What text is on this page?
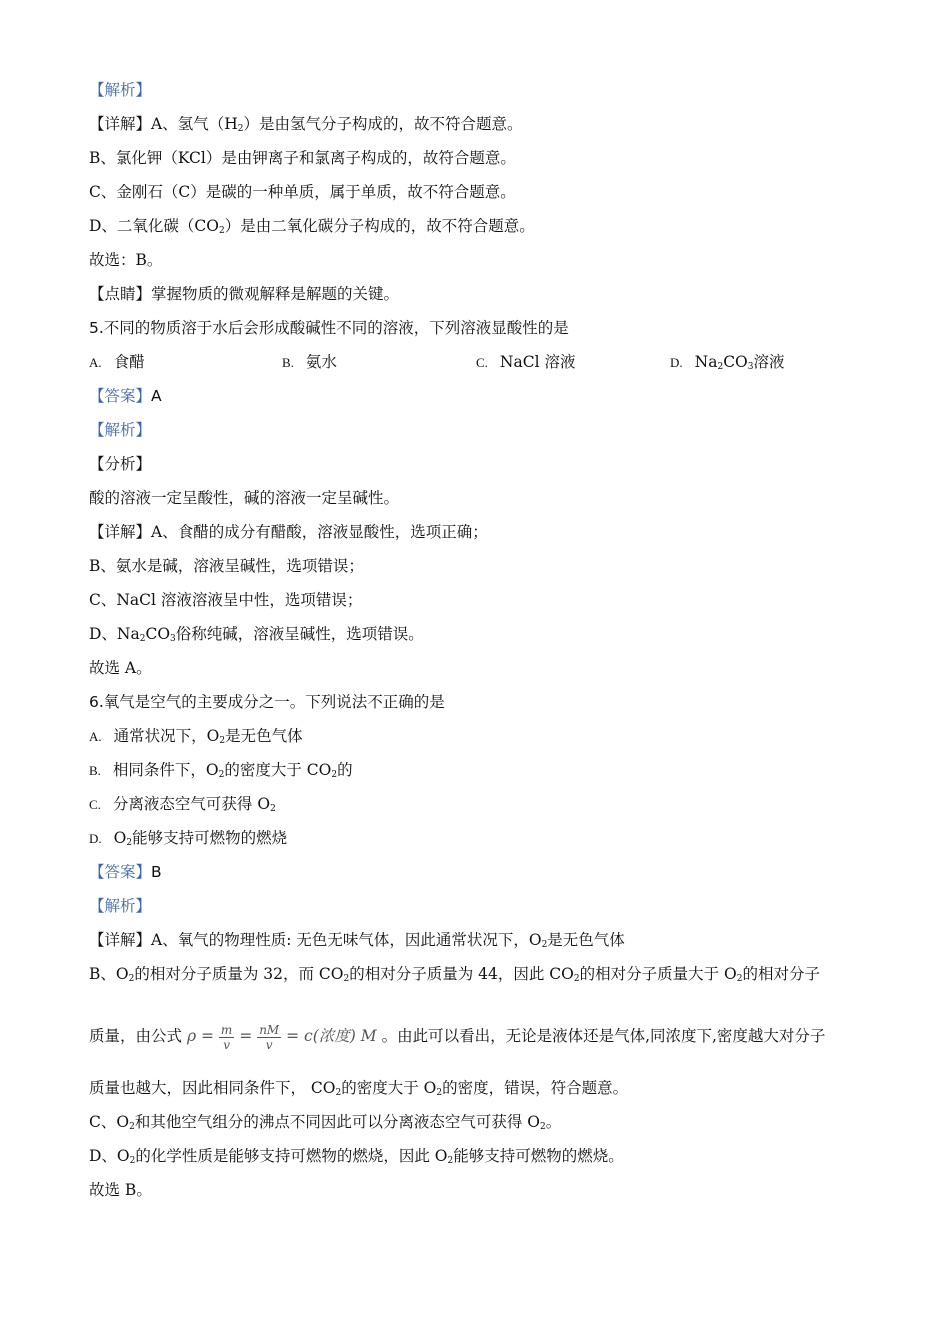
【解析】
【详解】A、氢气$(H_2)$是由氢气分子构成的，故不符合题意。
B、氯化钾（KCl）是由钾离子和氯离子构成的，故符合题意。
C、金刚石（C）是碳的一种单质，属于单质，故不符合题意。
D、二氧化碳$(CO_2)$是由二氧化碳分子构成的，故不符合题意。
故选：B。
【点睛】掌握物质的微观解释是解题的关键。
5.不同的物质溶于水后会形成酸碱性不同的溶液，下列溶液显酸性的是
A. 食醋	B. 氨水	C. NaCl 溶液	D. $Na_2CO_3$溶液
【答案】A
【解析】
【分析】
酸的溶液一定呈酸性，碱的溶液一定呈碱性。
【详解】A、食醋的成分有醋酸，溶液显酸性，选项正确；
B、氨水是碱，溶液呈碱性，选项错误；
C、NaCl 溶液溶液呈中性，选项错误；
D、$Na_2CO_3$俗称纯碱，溶液呈碱性，选项错误。
故选 A。
6.氧气是空气的主要成分之一。下列说法不正确的是
A. 通常状况下，$O_2$是无色气体
B. 相同条件下，$O_2$的密度大于 $CO_2$的
C. 分离液态空气可获得 $O_2$
D. $O_2$能够支持可燃物的燃烧
【答案】B
【解析】
【详解】A、氧气的物理性质: 无色无味气体，因此通常状况下，$O_2$是无色气体
B、$O_2$的相对分子质量为 32，而 $CO_2$的相对分子质量为 44，因此 $CO_2$的相对分子质量大于 $O_2$的相对分子
质量，由公式 $\rho = \frac{m}{v} = \frac{nM}{v} = c$(浓度) M 。由此可以看出，无论是液体还是气体,同浓度下,密度越大对分子
质量也越大，因此相同条件下， $CO_2$的密度大于 $O_2$的密度，错误，符合题意。
C、$O_2$和其他空气组分的沸点不同因此可以分离液态空气可获得 $O_2$。
D、$O_2$的化学性质是能够支持可燃物的燃烧，因此 $O_2$能够支持可燃物的燃烧。
故选 B。
